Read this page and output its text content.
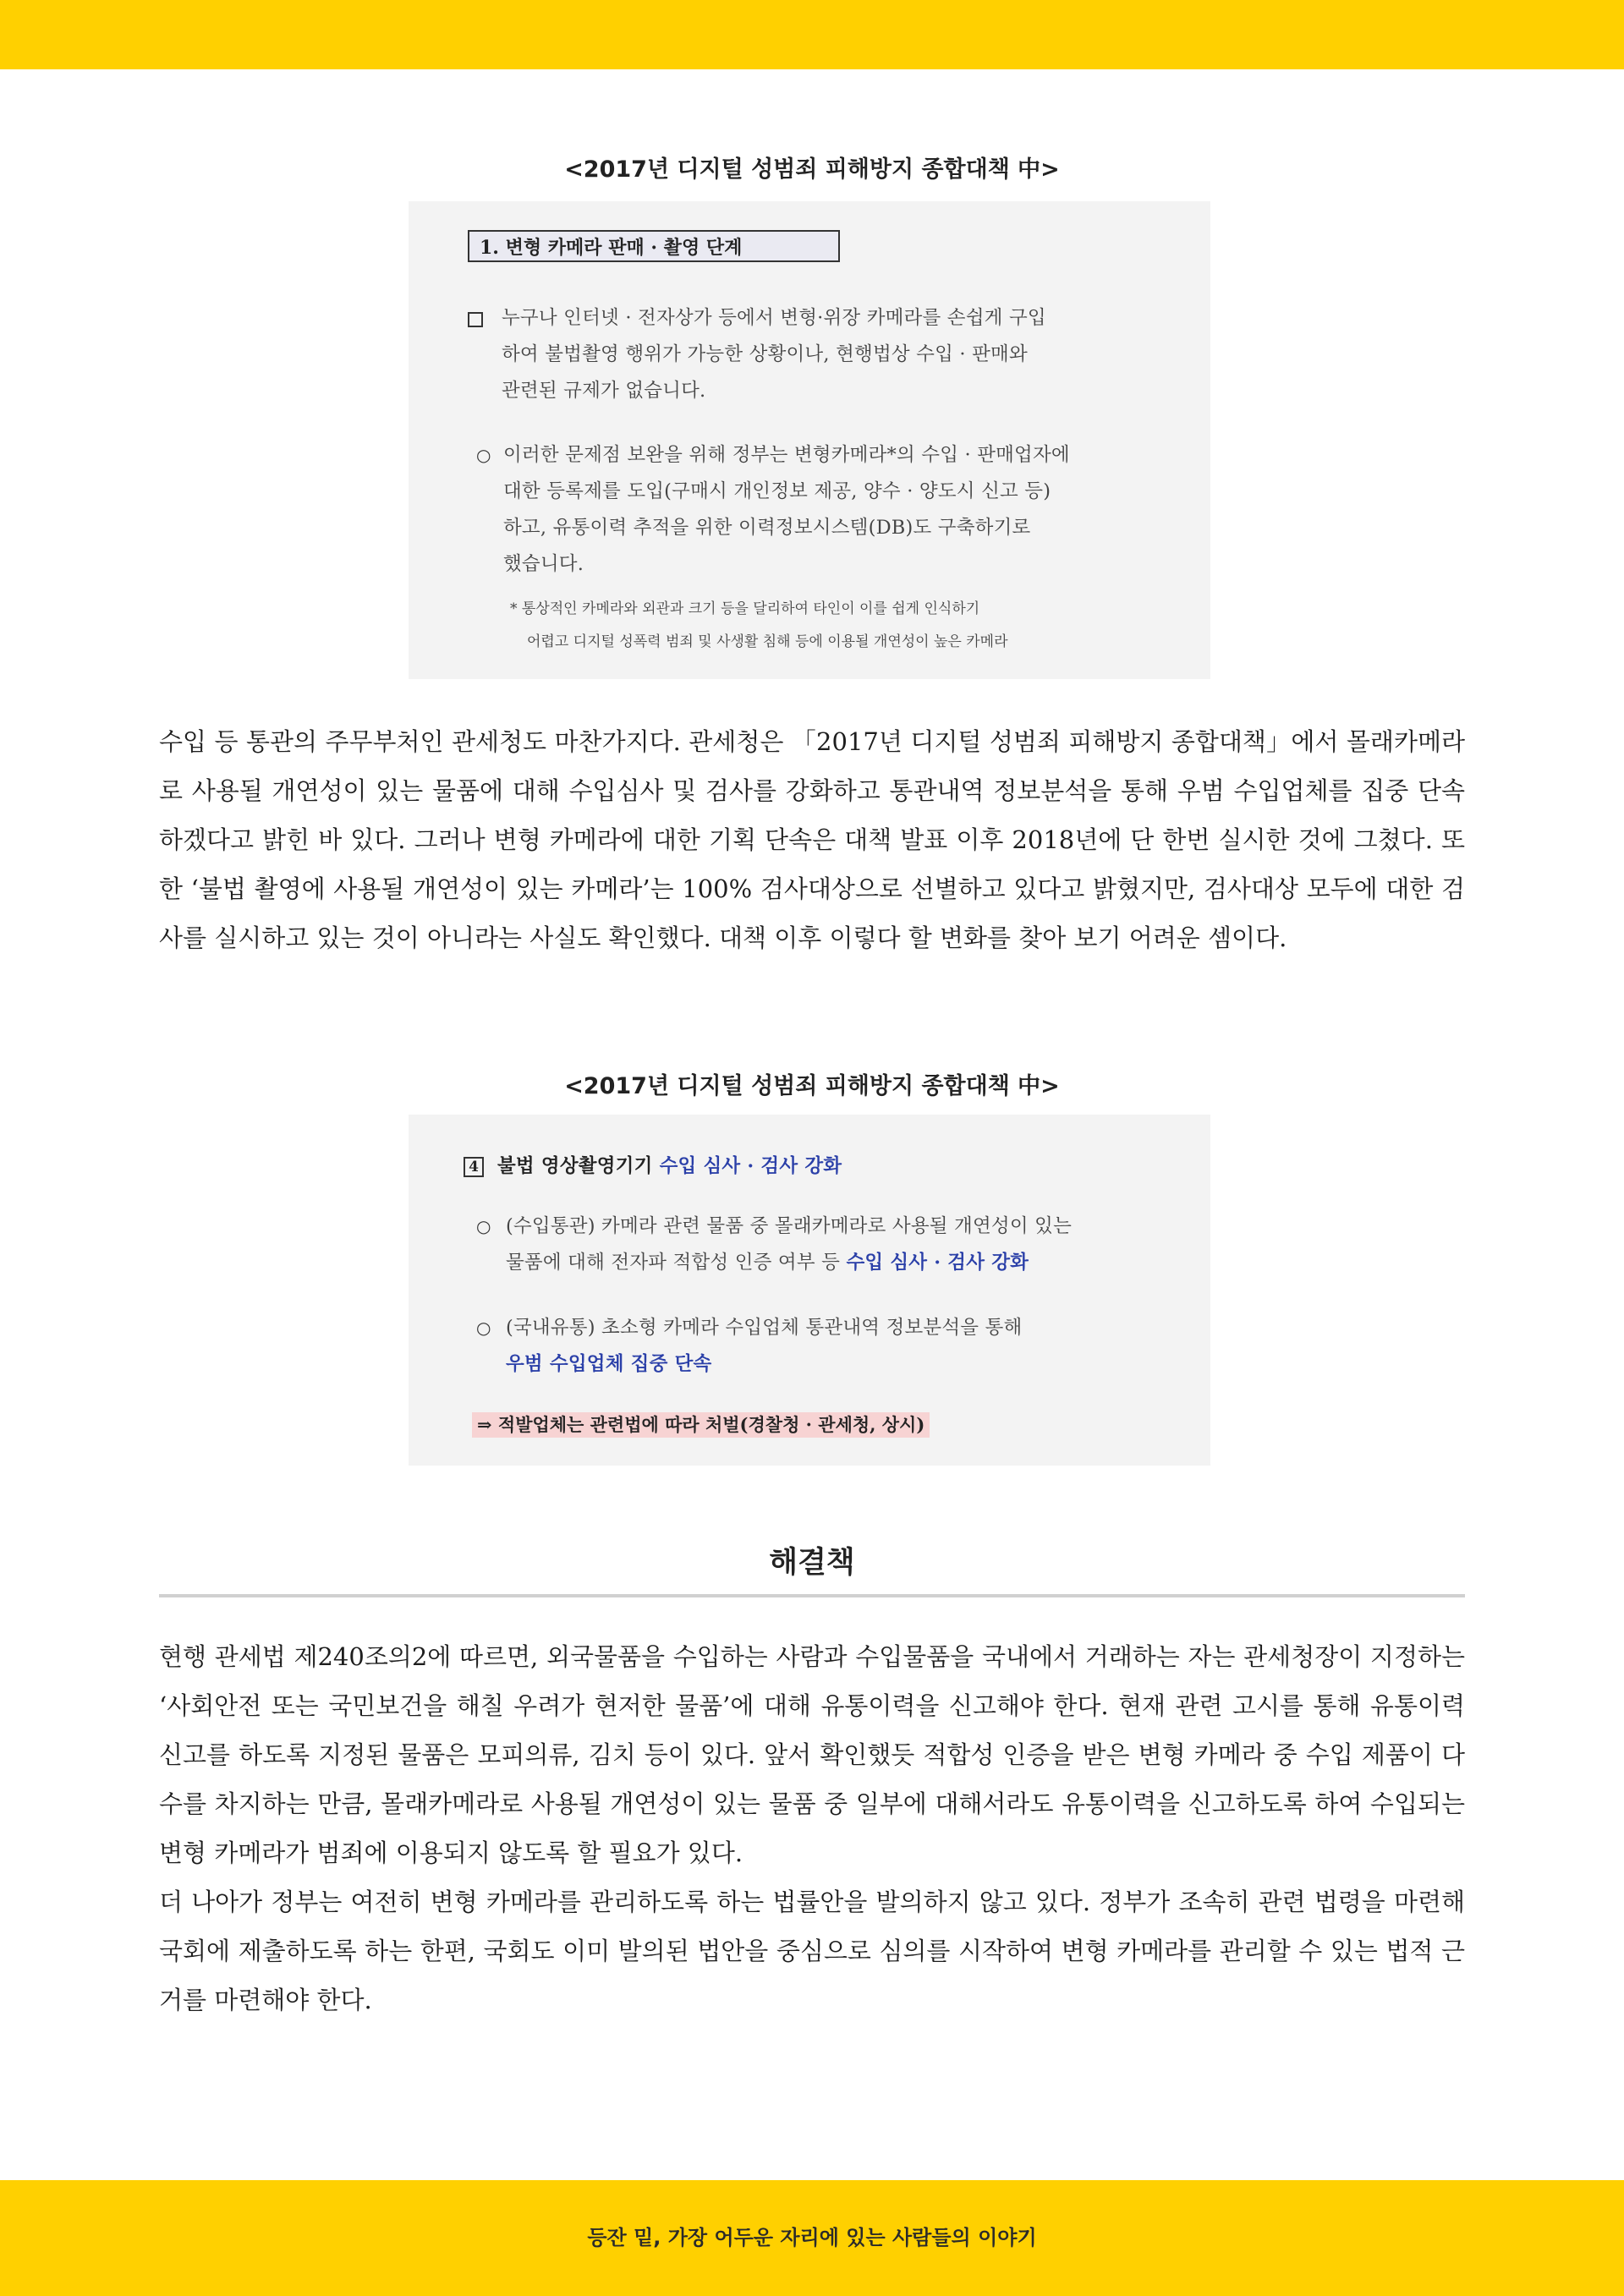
<2017년 디지털 성범죄 피해방지 종합대책 中>
1. 변형 카메라 판매 · 촬영 단계
누구나 인터넷 · 전자상가 등에서 변형·위장 카메라를 손쉽게 구입
하여 불법촬영 행위가 가능한 상황이나, 현행법상 수입 · 판매와
관련된 규제가 없습니다.
○ 이러한 문제점 보완을 위해 정부는 변형카메라*의 수입 · 판매업자에
대한 등록제를 도입(구매시 개인정보 제공, 양수 · 양도시 신고 등)
하고, 유통이력 추적을 위한 이력정보시스템(DB)도 구축하기로
했습니다.
* 통상적인 카메라와 외관과 크기 등을 달리하여 타인이 이를 쉽게 인식하기
어렵고 디지털 성폭력 범죄 및 사생활 침해 등에 이용될 개연성이 높은 카메라
수입 등 통관의 주무부처인 관세청도 마찬가지다. 관세청은 「2017년 디지털 성범죄 피해방지 종합대책」에서 몰래카메라로 사용될 개연성이 있는 물품에 대해 수입심사 및 검사를 강화하고 통관내역 정보분석을 통해 우범 수입업체를 집중 단속하겠다고 밝힌 바 있다. 그러나 변형 카메라에 대한 기획 단속은 대책 발표 이후 2018년에 단 한번 실시한 것에 그쳤다. 또한 ‘불법 촬영에 사용될 개연성이 있는 카메라’는 100% 검사대상으로 선별하고 있다고 밝혔지만, 검사대상 모두에 대한 검사를 실시하고 있는 것이 아니라는 사실도 확인했다. 대책 이후 이렇다 할 변화를 찾아 보기 어려운 셈이다.
<2017년 디지털 성범죄 피해방지 종합대책 中>
4 불법 영상촬영기기 수입 심사 · 검사 강화
○ (수입통관) 카메라 관련 물품 중 몰래카메라로 사용될 개연성이 있는
물품에 대해 전자파 적합성 인증 여부 등 수입 심사 · 검사 강화
○ (국내유통) 초소형 카메라 수입업체 통관내역 정보분석을 통해
우범 수입업체 집중 단속
⇒ 적발업체는 관련법에 따라 처벌(경찰청 · 관세청, 상시)
해결책
현행 관세법 제240조의2에 따르면, 외국물품을 수입하는 사람과 수입물품을 국내에서 거래하는 자는 관세청장이 지정하는 ‘사회안전 또는 국민보건을 해칠 우려가 현저한 물품’에 대해 유통이력을 신고해야 한다. 현재 관련 고시를 통해 유통이력 신고를 하도록 지정된 물품은 모피의류, 김치 등이 있다. 앞서 확인했듯 적합성 인증을 받은 변형 카메라 중 수입 제품이 다수를 차지하는 만큼, 몰래카메라로 사용될 개연성이 있는 물품 중 일부에 대해서라도 유통이력을 신고하도록 하여 수입되는 변형 카메라가 범죄에 이용되지 않도록 할 필요가 있다.
더 나아가 정부는 여전히 변형 카메라를 관리하도록 하는 법률안을 발의하지 않고 있다. 정부가 조속히 관련 법령을 마련해 국회에 제출하도록 하는 한편, 국회도 이미 발의된 법안을 중심으로 심의를 시작하여 변형 카메라를 관리할 수 있는 법적 근거를 마련해야 한다.
등잔 밑, 가장 어두운 자리에 있는 사람들의 이야기
